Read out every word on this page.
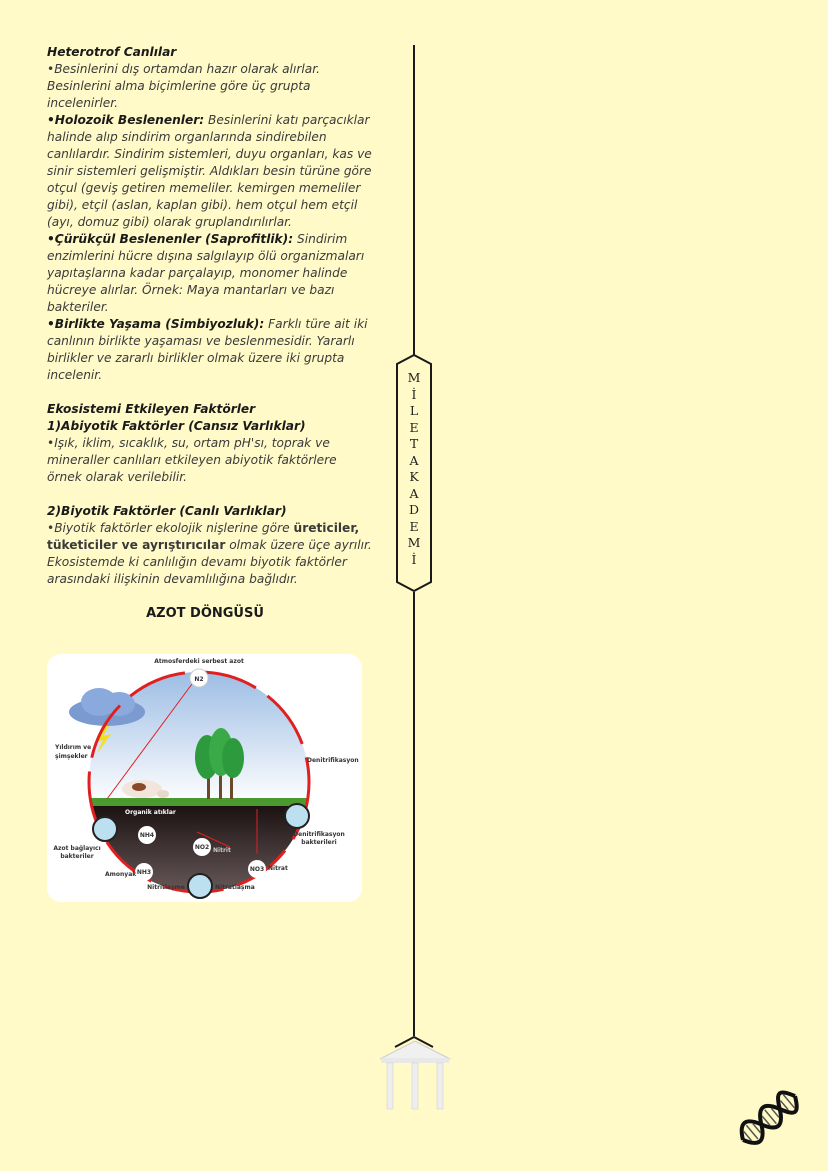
Heterotrof Canlılar

•Besinlerini dış ortamdan hazır olarak alırlar. Besinlerini alma biçimlerine göre üç grupta incelenirler.

•Holozoik Beslenenler: Besinlerini katı parçacıklar halinde alıp sindirim organlarında sindirebilen canlılardır. Sindirim sistemleri, duyu organları, kas ve sinir sistemleri gelişmiştir. Aldıkları besin türüne göre otçul (geviş getiren memeliler. kemirgen memeliler gibi), etçil (aslan, kaplan gibi). hem otçul hem etçil (ayı, domuz gibi) olarak gruplandırılırlar.

•Çürükçül Beslenenler (Saprofitlik): Sindirim enzimlerini hücre dışına salgılayıp ölü organizmaları yapıtaşlarına kadar parçalayıp, monomer halinde hücreye alırlar. Örnek: Maya mantarları ve bazı bakteriler.

•Birlikte Yaşama (Simbiyozluk): Farklı türe ait iki canlının birlikte yaşaması ve beslenmesidir. Yararlı birlikler ve zararlı birlikler olmak üzere iki grupta incelenir.

Ekosistemi Etkileyen Faktörler

1)Abiyotik Faktörler (Cansız Varlıklar)

•Işık, iklim, sıcaklık, su, ortam pH'sı, toprak ve mineraller canlıları etkileyen abiyotik faktörlere örnek olarak verilebilir.

2)Biyotik Faktörler (Canlı Varlıklar)

•Biyotik faktörler ekolojik nişlerine göre üreticiler, tüketiciler ve ayrıştırıcılar olmak üzere üçe ayrılır. Ekosistemde ki canlılığın devamı biyotik faktörler arasındaki ilişkinin devamlılığına bağlıdır.

AZOT DÖNGÜSÜ
Atmosferdeki serbest azot
N2
Yıldırım ve
şimşekler
Denitrifikasyon
Organik atıklar
NH4
NO2 Nitrit
NO3 Nitrat
NH3
Amonyak
Azot bağlayıcı
bakteriler
Denitrifikasyon
bakterileri
Nitritleşme	Nitratlaşma
M
İ
L
E
T
A
K
A
D
E
M
İ
